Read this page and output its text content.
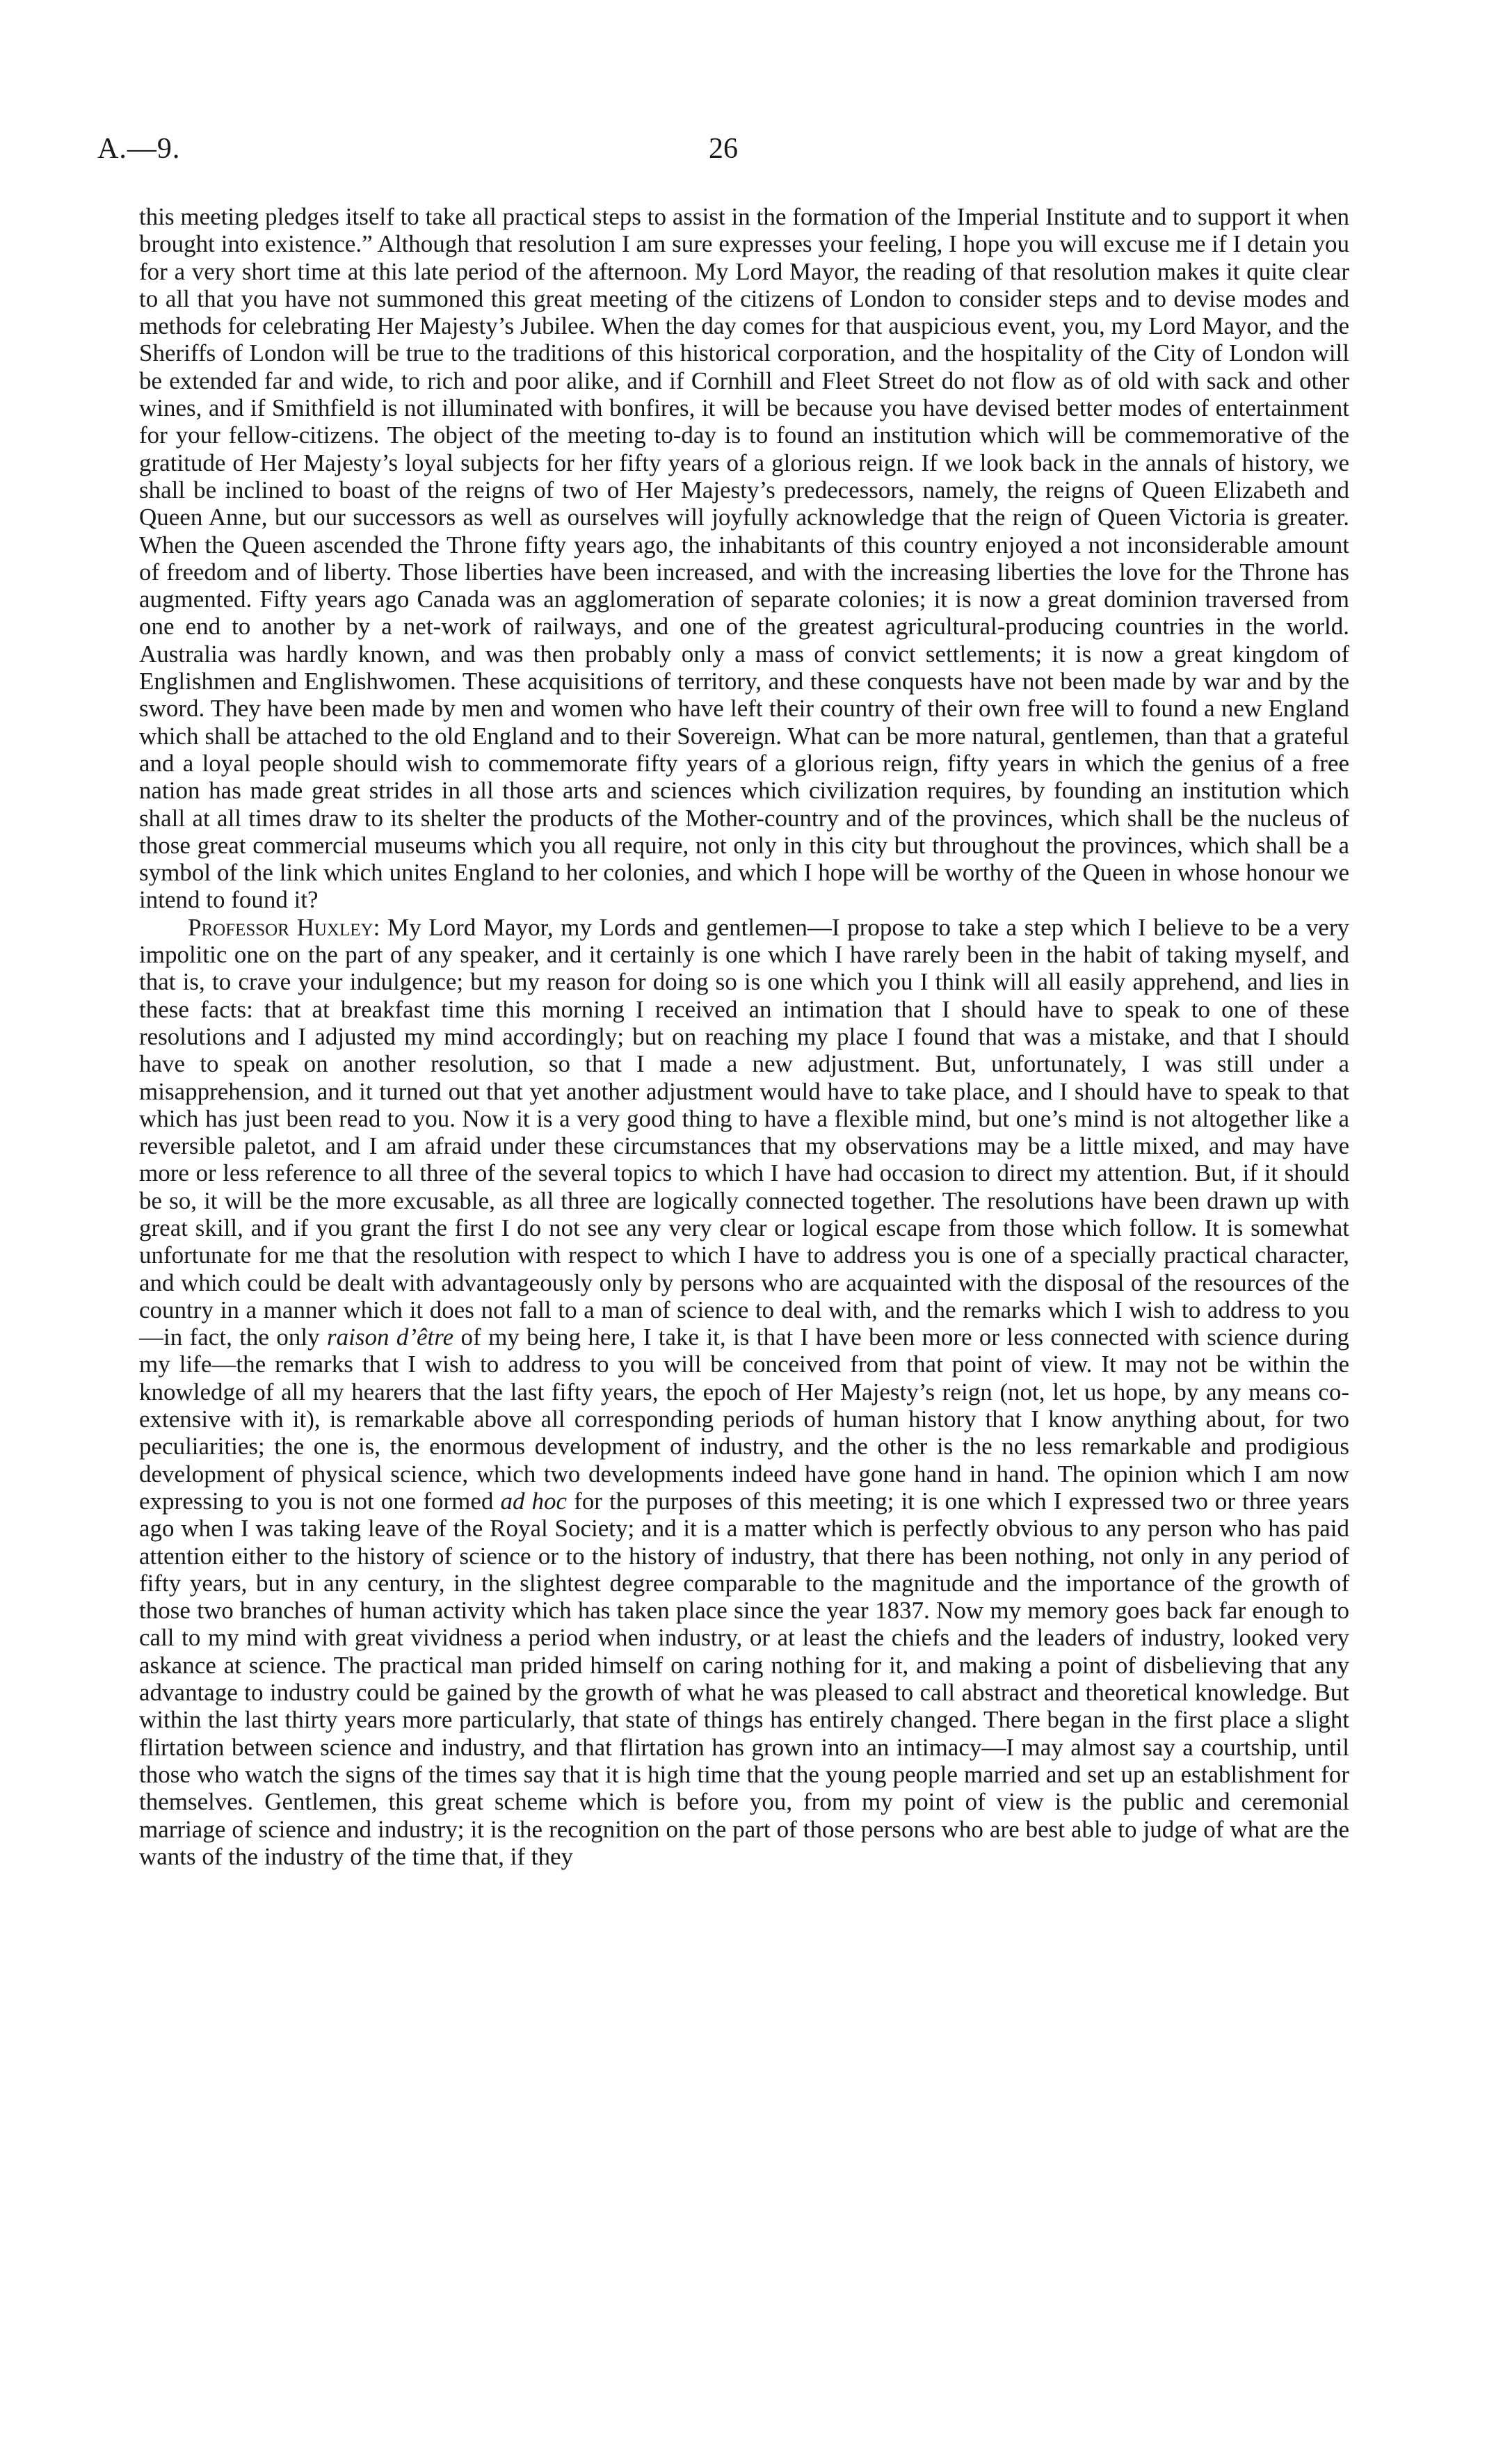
A.—9.	26

this meeting pledges itself to take all practical steps to assist in the formation of the Imperial Institute and to support it when brought into existence.” Although that resolution I am sure expresses your feeling, I hope you will excuse me if I detain you for a very short time at this late period of the afternoon. My Lord Mayor, the reading of that resolution makes it quite clear to all that you have not summoned this great meeting of the citizens of London to consider steps and to devise modes and methods for celebrating Her Majesty’s Jubilee. When the day comes for that auspicious event, you, my Lord Mayor, and the Sheriffs of London will be true to the traditions of this historical corporation, and the hospitality of the City of London will be extended far and wide, to rich and poor alike, and if Cornhill and Fleet Street do not flow as of old with sack and other wines, and if Smithfield is not illuminated with bonfires, it will be because you have devised better modes of entertainment for your fellow-citizens. The object of the meeting to-day is to found an institution which will be commemorative of the gratitude of Her Majesty’s loyal subjects for her fifty years of a glorious reign. If we look back in the annals of history, we shall be inclined to boast of the reigns of two of Her Majesty’s predecessors, namely, the reigns of Queen Elizabeth and Queen Anne, but our successors as well as ourselves will joyfully acknowledge that the reign of Queen Victoria is greater. When the Queen ascended the Throne fifty years ago, the inhabitants of this country enjoyed a not inconsiderable amount of freedom and of liberty. Those liberties have been increased, and with the increasing liberties the love for the Throne has augmented. Fifty years ago Canada was an agglomeration of separate colonies; it is now a great dominion traversed from one end to another by a net-work of railways, and one of the greatest agricultural-producing countries in the world. Australia was hardly known, and was then probably only a mass of convict settlements; it is now a great kingdom of Englishmen and Englishwomen. These acquisitions of territory, and these conquests have not been made by war and by the sword. They have been made by men and women who have left their country of their own free will to found a new England which shall be attached to the old England and to their Sovereign. What can be more natural, gentlemen, than that a grateful and a loyal people should wish to commemorate fifty years of a glorious reign, fifty years in which the genius of a free nation has made great strides in all those arts and sciences which civilization requires, by founding an institution which shall at all times draw to its shelter the products of the Mother-country and of the provinces, which shall be the nucleus of those great commercial museums which you all require, not only in this city but throughout the provinces, which shall be a symbol of the link which unites England to her colonies, and which I hope will be worthy of the Queen in whose honour we intend to found it?

Professor Huxley: My Lord Mayor, my Lords and gentlemen—I propose to take a step which I believe to be a very impolitic one on the part of any speaker, and it certainly is one which I have rarely been in the habit of taking myself, and that is, to crave your indulgence; but my reason for doing so is one which you I think will all easily apprehend, and lies in these facts: that at breakfast time this morning I received an intimation that I should have to speak to one of these resolutions and I adjusted my mind accordingly; but on reaching my place I found that was a mistake, and that I should have to speak on another resolution, so that I made a new adjustment. But, unfortunately, I was still under a misapprehension, and it turned out that yet another adjustment would have to take place, and I should have to speak to that which has just been read to you. Now it is a very good thing to have a flexible mind, but one’s mind is not altogether like a reversible paletot, and I am afraid under these circumstances that my observations may be a little mixed, and may have more or less reference to all three of the several topics to which I have had occasion to direct my attention. But, if it should be so, it will be the more excusable, as all three are logically connected together. The resolutions have been drawn up with great skill, and if you grant the first I do not see any very clear or logical escape from those which follow. It is somewhat unfortunate for me that the resolution with respect to which I have to address you is one of a specially practical character, and which could be dealt with advantageously only by persons who are acquainted with the disposal of the resources of the country in a manner which it does not fall to a man of science to deal with, and the remarks which I wish to address to you—in fact, the only raison d’être of my being here, I take it, is that I have been more or less connected with science during my life—the remarks that I wish to address to you will be conceived from that point of view. It may not be within the knowledge of all my hearers that the last fifty years, the epoch of Her Majesty’s reign (not, let us hope, by any means co-extensive with it), is remarkable above all corresponding periods of human history that I know anything about, for two peculiarities; the one is, the enormous development of industry, and the other is the no less remarkable and prodigious development of physical science, which two developments indeed have gone hand in hand. The opinion which I am now expressing to you is not one formed ad hoc for the purposes of this meeting; it is one which I expressed two or three years ago when I was taking leave of the Royal Society; and it is a matter which is perfectly obvious to any person who has paid attention either to the history of science or to the history of industry, that there has been nothing, not only in any period of fifty years, but in any century, in the slightest degree comparable to the magnitude and the importance of the growth of those two branches of human activity which has taken place since the year 1837. Now my memory goes back far enough to call to my mind with great vividness a period when industry, or at least the chiefs and the leaders of industry, looked very askance at science. The practical man prided himself on caring nothing for it, and making a point of disbelieving that any advantage to industry could be gained by the growth of what he was pleased to call abstract and theoretical knowledge. But within the last thirty years more particularly, that state of things has entirely changed. There began in the first place a slight flirtation between science and industry, and that flirtation has grown into an intimacy—I may almost say a courtship, until those who watch the signs of the times say that it is high time that the young people married and set up an establishment for themselves. Gentlemen, this great scheme which is before you, from my point of view is the public and ceremonial marriage of science and industry; it is the recognition on the part of those persons who are best able to judge of what are the wants of the industry of the time that, if they
